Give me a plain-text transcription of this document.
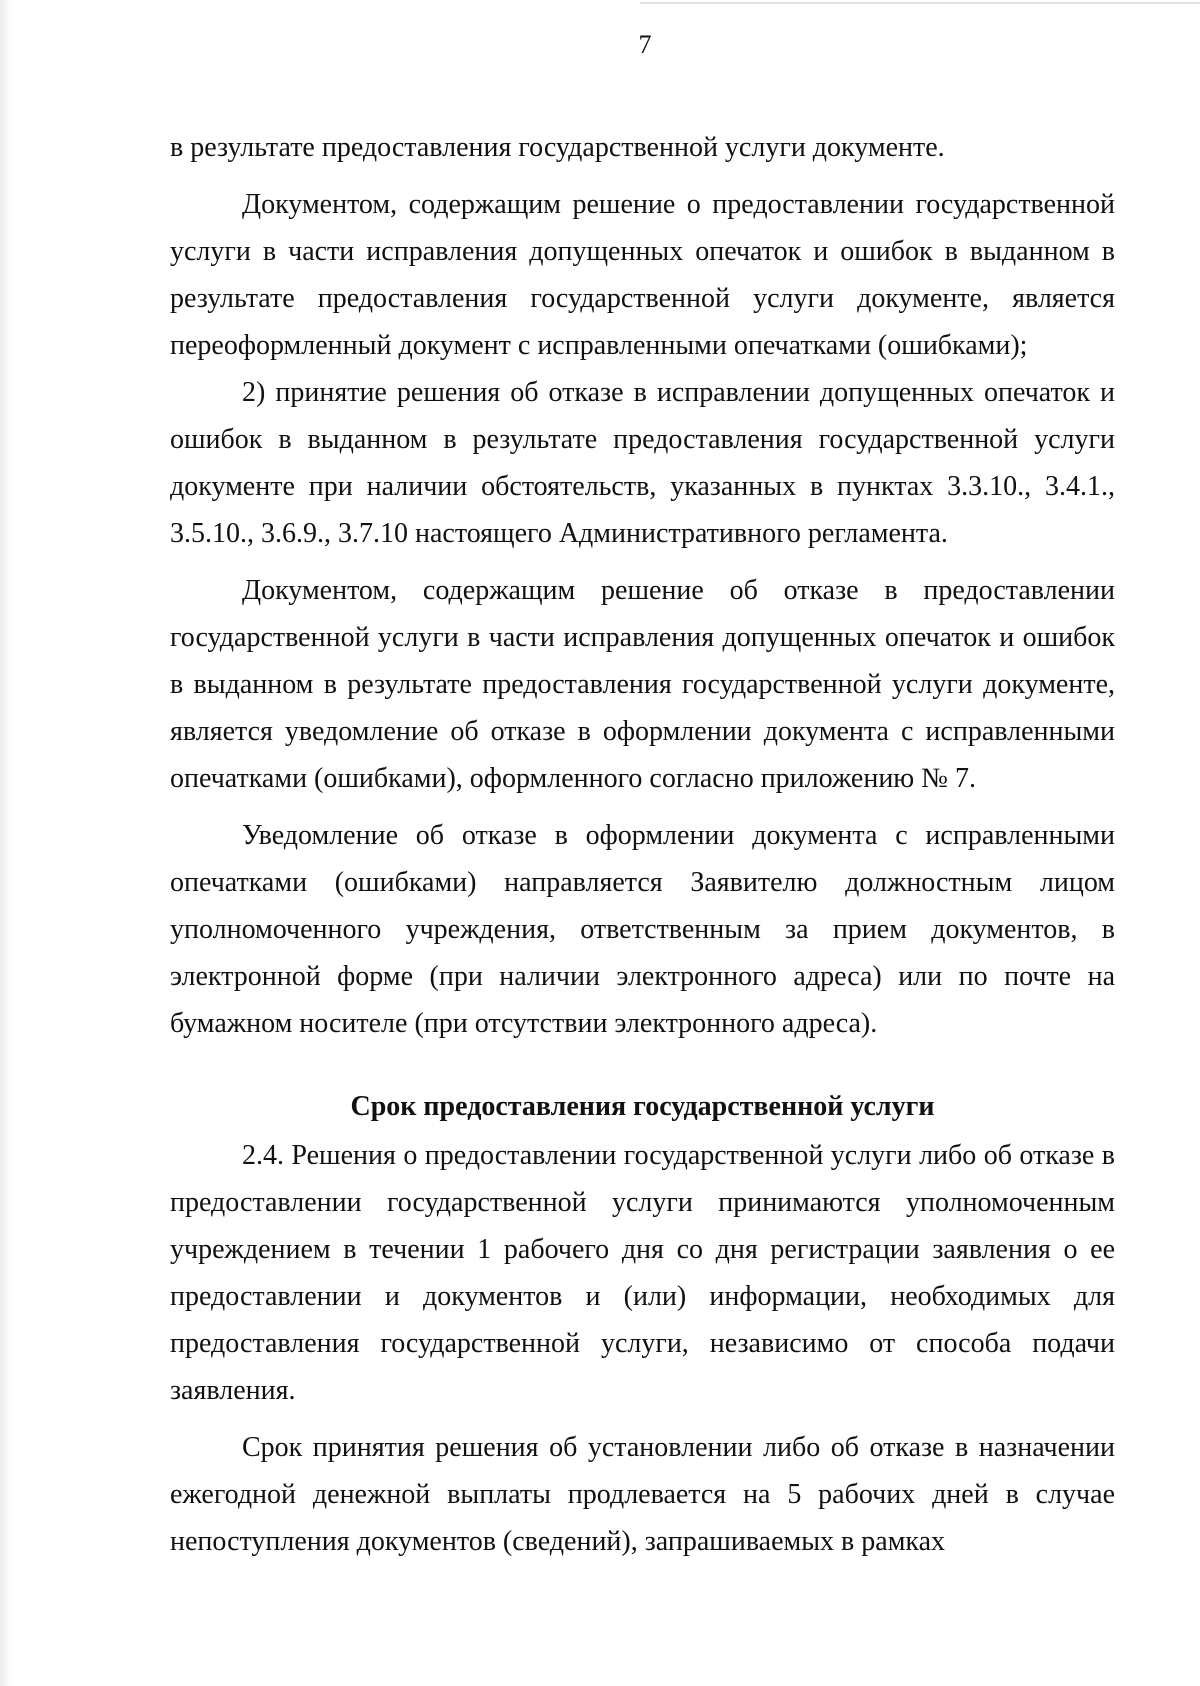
7

в результате предоставления государственной услуги документе.

Документом, содержащим решение о предоставлении государственной услуги в части исправления допущенных опечаток и ошибок в выданном в результате предоставления государственной услуги документе, является переоформленный документ с исправленными опечатками (ошибками);

2) принятие решения об отказе в исправлении допущенных опечаток и ошибок в выданном в результате предоставления государственной услуги документе при наличии обстоятельств, указанных в пунктах 3.3.10., 3.4.1., 3.5.10., 3.6.9., 3.7.10 настоящего Административного регламента.

Документом, содержащим решение об отказе в предоставлении государственной услуги в части исправления допущенных опечаток и ошибок в выданном в результате предоставления государственной услуги документе, является уведомление об отказе в оформлении документа с исправленными опечатками (ошибками), оформленного согласно приложению № 7.

Уведомление об отказе в оформлении документа с исправленными опечатками (ошибками) направляется Заявителю должностным лицом уполномоченного учреждения, ответственным за прием документов, в электронной форме (при наличии электронного адреса) или по почте на бумажном носителе (при отсутствии электронного адреса).

Срок предоставления государственной услуги

2.4. Решения о предоставлении государственной услуги либо об отказе в предоставлении государственной услуги принимаются уполномоченным учреждением в течении 1 рабочего дня со дня регистрации заявления о ее предоставлении и документов и (или) информации, необходимых для предоставления государственной услуги, независимо от способа подачи заявления.

Срок принятия решения об установлении либо об отказе в назначении ежегодной денежной выплаты продлевается на 5 рабочих дней в случае непоступления документов (сведений), запрашиваемых в рамках
